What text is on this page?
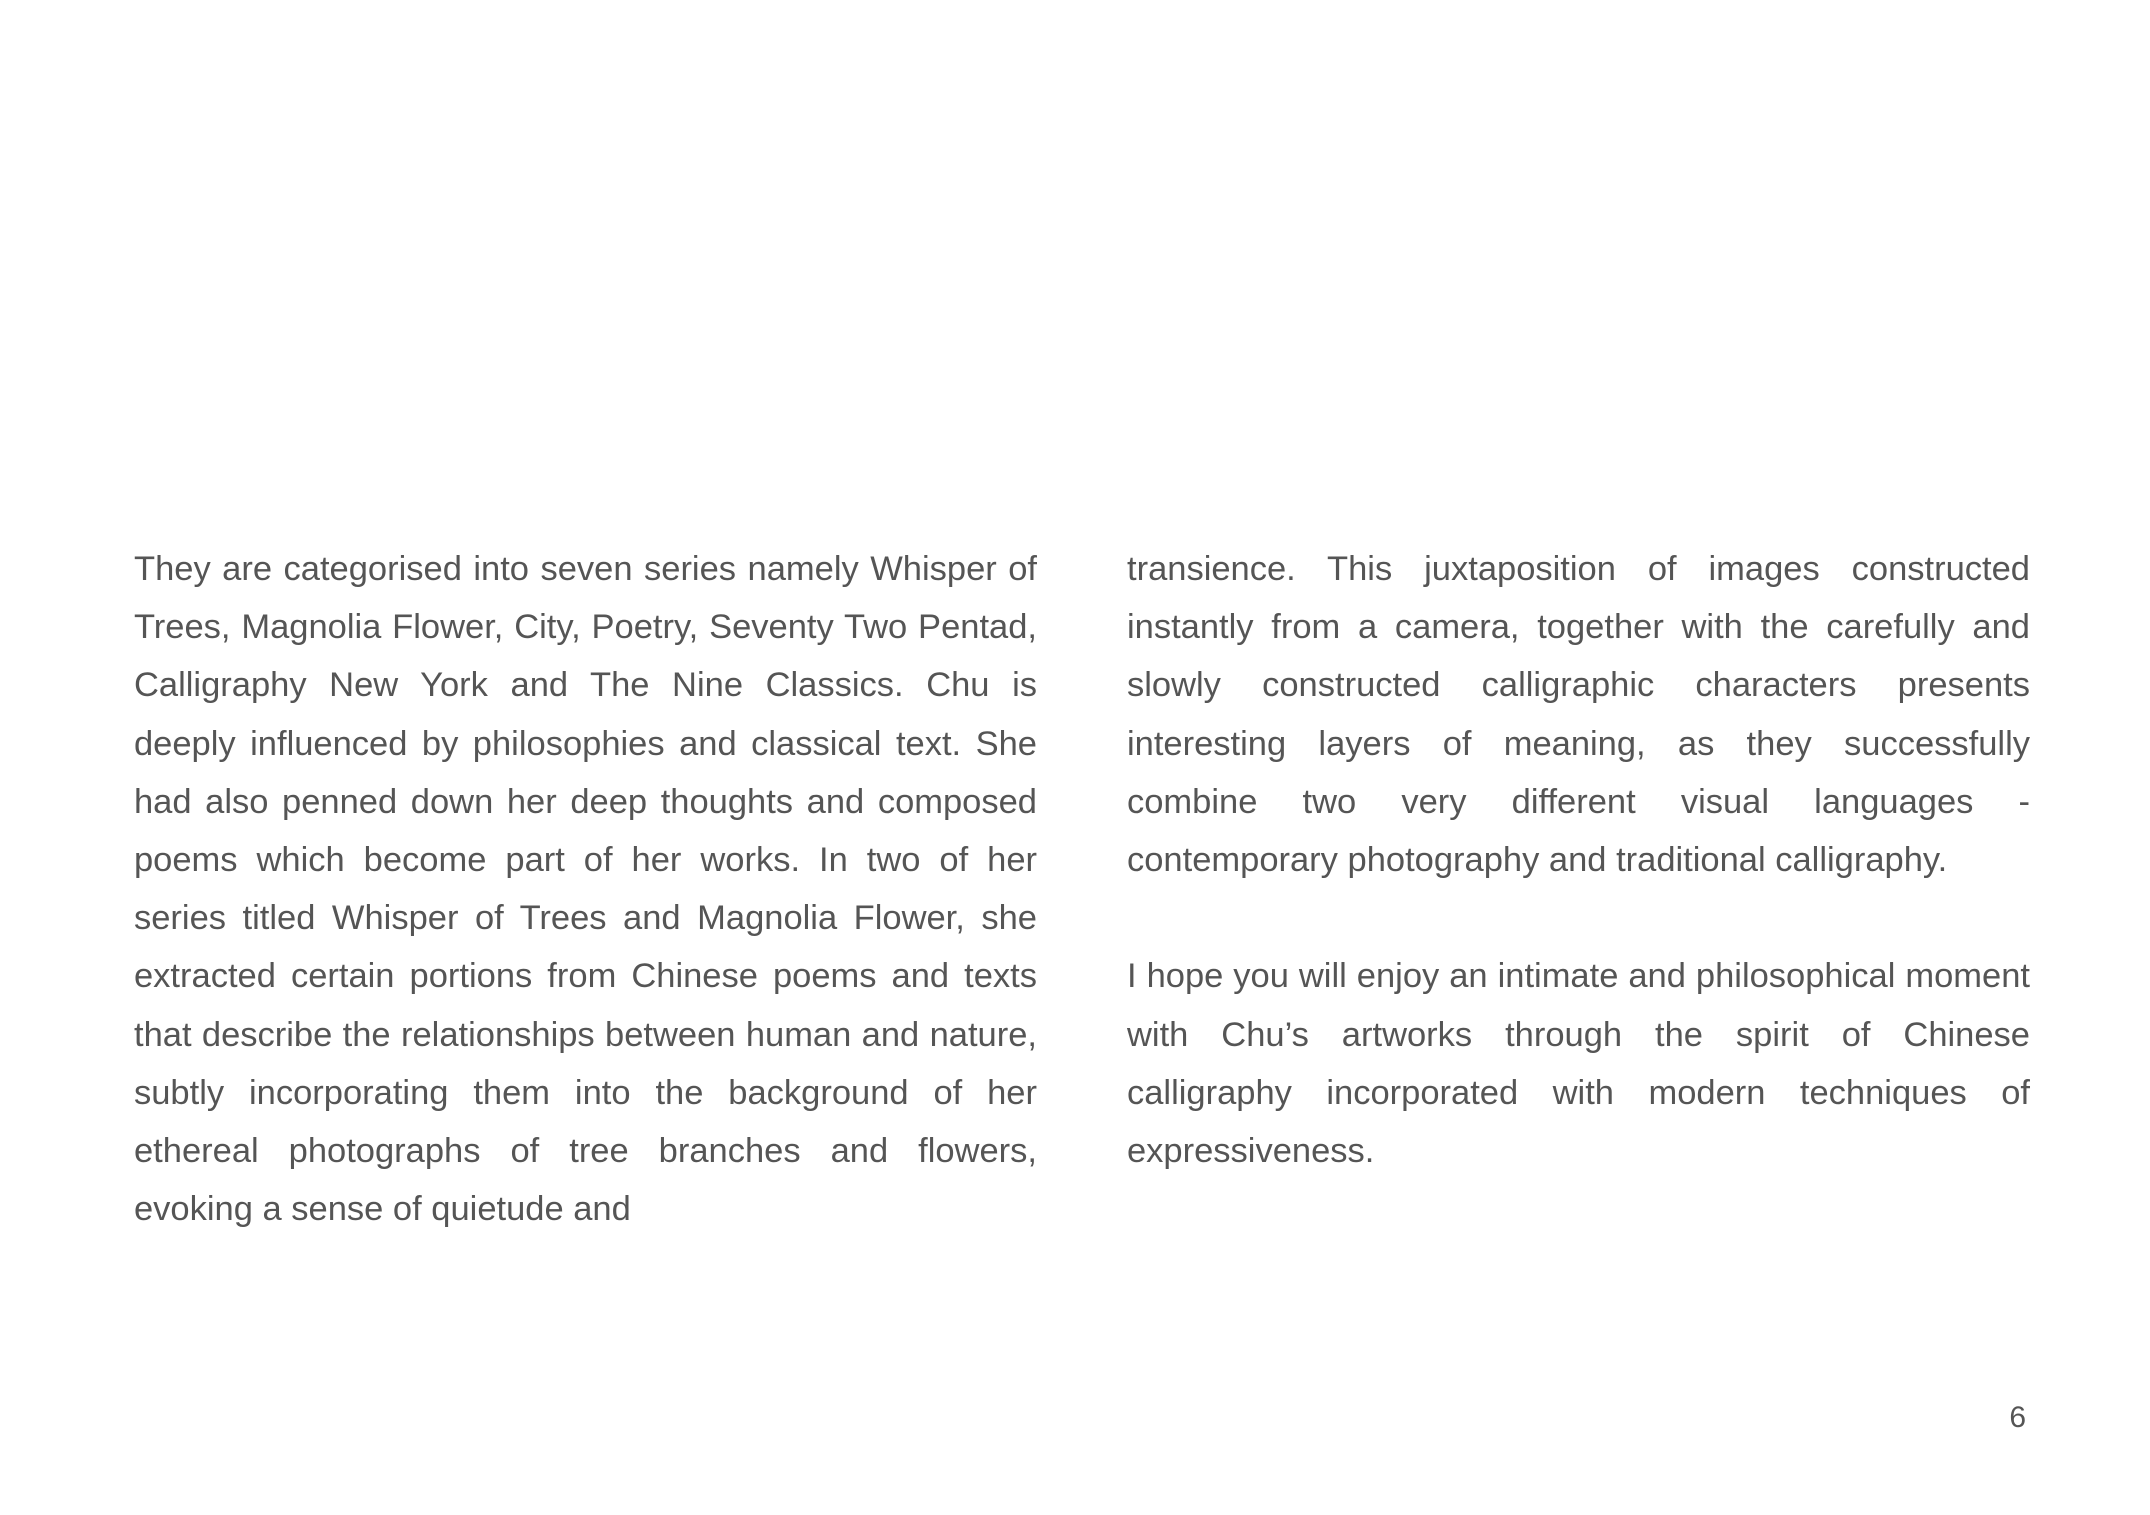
They are categorised into seven series namely Whisper of Trees, Magnolia Flower, City, Poetry, Seventy Two Pentad, Calligraphy New York and The Nine Classics. Chu is deeply influenced by philosophies and classical text. She had also penned down her deep thoughts and composed poems which become part of her works. In two of her series titled Whisper of Trees and Magnolia Flower, she extracted certain portions from Chinese poems and texts that describe the relationships between human and nature, subtly incorporating them into the background of her ethereal photographs of tree branches and flowers, evoking a sense of quietude and

transience. This juxtaposition of images constructed instantly from a camera, together with the carefully and slowly constructed calligraphic characters presents interesting layers of meaning, as they successfully combine two very different visual languages - contemporary photography and traditional calligraphy.

I hope you will enjoy an intimate and philosophical moment with Chu’s artworks through the spirit of Chinese calligraphy incorporated with modern techniques of expressiveness.

6
